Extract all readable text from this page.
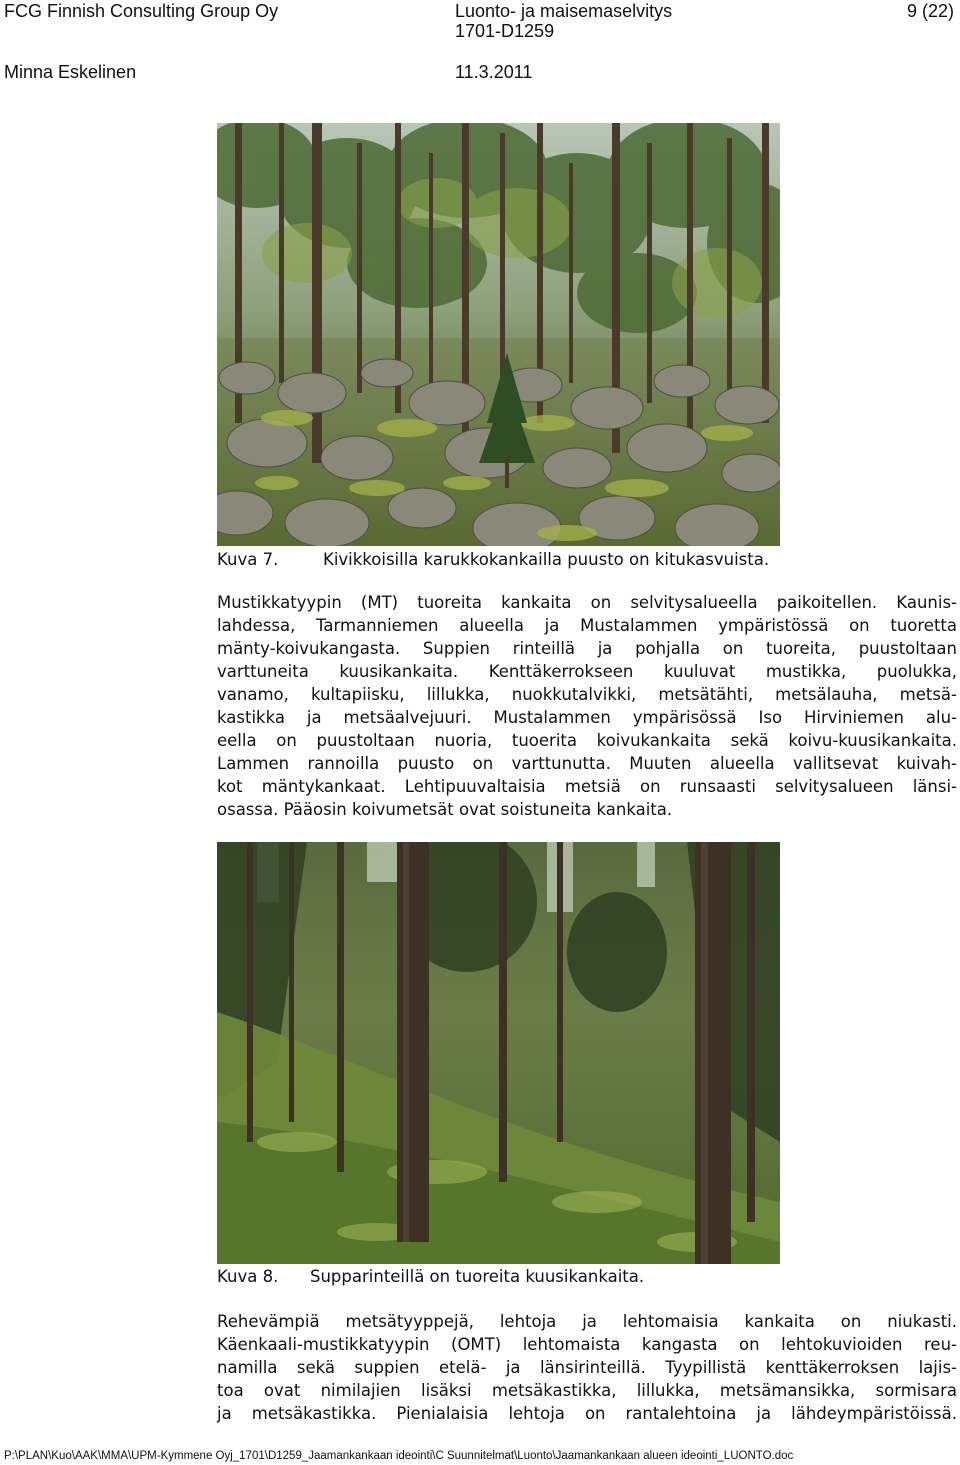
FCG Finnish Consulting Group Oy	Luonto- ja maisemaselvitys
1701-D1259
9 (22)
Minna Eskelinen	11.3.2011
Kuva 7.	Kivikkoisilla karukkokankailla puusto on kitukasvuista.
Mustikkatyypin (MT) tuoreita kankaita on selvitysalueella paikoitellen. Kaunis-
lahdessa, Tarmanniemen alueella ja Mustalammen ympäristössä on tuoretta
mänty-koivukangasta. Suppien rinteillä ja pohjalla on tuoreita, puustoltaan
varttuneita kuusikankaita. Kenttäkerrokseen kuuluvat mustikka, puolukka,
vanamo, kultapiisku, lillukka, nuokkutalvikki, metsätähti, metsälauha, metsä-
kastikka ja metsäalvejuuri. Mustalammen ympärisössä Iso Hirviniemen alu-
eella on puustoltaan nuoria, tuoerita koivukankaita sekä koivu-kuusikankaita.
Lammen rannoilla puusto on varttunutta. Muuten alueella vallitsevat kuivah-
kot mäntykankaat. Lehtipuuvaltaisia metsiä on runsaasti selvitysalueen länsi-
osassa. Pääosin koivumetsät ovat soistuneita kankaita.
Kuva 8. Supparinteillä on tuoreita kuusikankaita.
Rehevämpiä metsätyyppejä, lehtoja ja lehtomaisia kankaita on niukasti.
Käenkaali-mustikkatyypin (OMT) lehtomaista kangasta on lehtokuvioiden reu-
namilla sekä suppien etelä- ja länsirinteillä. Tyypillistä kenttäkerroksen lajis-
toa ovat nimilajien lisäksi metsäkastikka, lillukka, metsämansikka, sormisara
ja metsäkastikka. Pienialaisia lehtoja on rantalehtoina ja lähdeympäristöissä.
P:\PLAN\Kuo\AAK\MMA\UPM-Kymmene Oyj_1701\D1259_Jaamankankaan ideointi\C Suunnitelmat\Luonto\Jaamankankaan alueen ideointi_LUONTO.doc
